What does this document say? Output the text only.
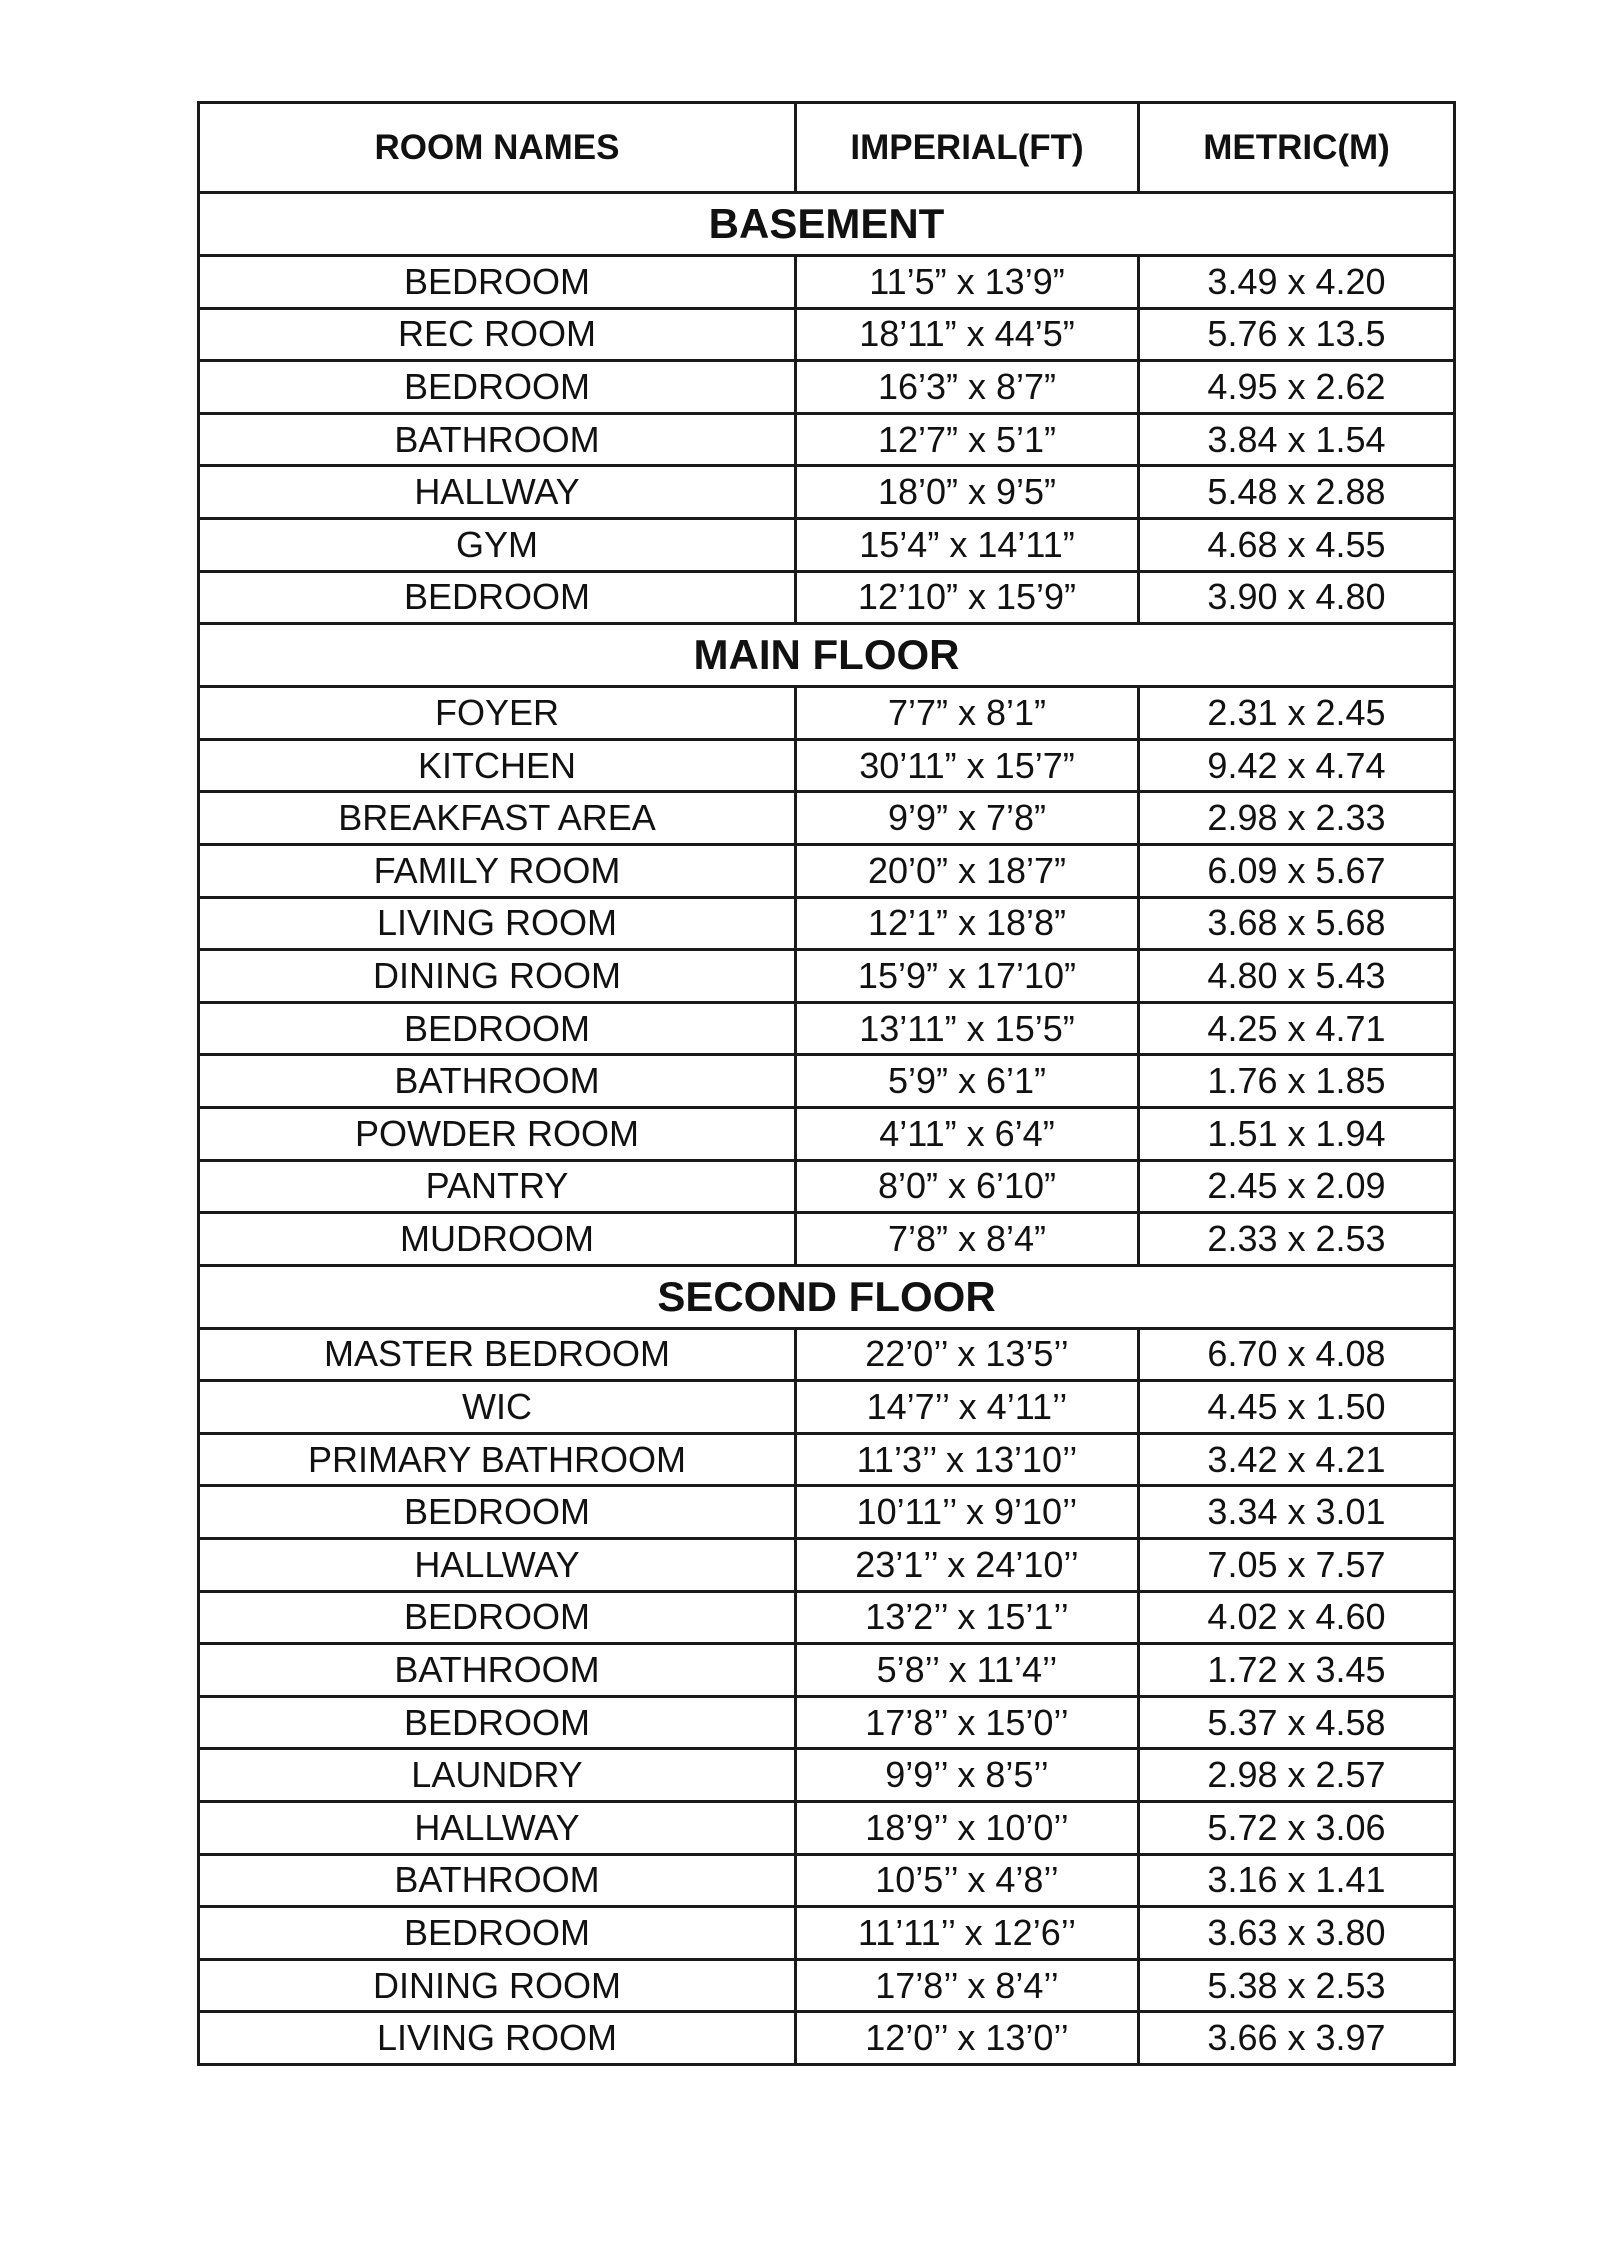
ROOM NAMES	IMPERIAL(FT)	METRIC(M)
BASEMENT		
BEDROOM	11’5” x 13’9”	3.49 x 4.20
REC ROOM	18’11” x 44’5”	5.76 x 13.5
BEDROOM	16’3” x 8’7”	4.95 x 2.62
BATHROOM	12’7” x 5’1”	3.84 x 1.54
HALLWAY	18’0” x 9’5”	5.48 x 2.88
GYM	15’4” x 14’11”	4.68 x 4.55
BEDROOM	12’10” x 15’9”	3.90 x 4.80
MAIN FLOOR		
FOYER	7’7” x 8’1”	2.31 x 2.45
KITCHEN	30’11” x 15’7”	9.42 x 4.74
BREAKFAST AREA	9’9” x 7’8”	2.98 x 2.33
FAMILY ROOM	20’0” x 18’7”	6.09 x 5.67
LIVING ROOM	12’1” x 18’8”	3.68 x 5.68
DINING ROOM	15’9” x 17’10”	4.80 x 5.43
BEDROOM	13’11” x 15’5”	4.25 x 4.71
BATHROOM	5’9” x 6’1”	1.76 x 1.85
POWDER ROOM	4’11” x 6’4”	1.51 x 1.94
PANTRY	8’0” x 6’10”	2.45 x 2.09
MUDROOM	7’8” x 8’4”	2.33 x 2.53
SECOND FLOOR		
MASTER BEDROOM	22’0’’ x 13’5’’	6.70 x 4.08
WIC	14’7’’ x 4’11’’	4.45 x 1.50
PRIMARY BATHROOM	11’3’’ x 13’10’’	3.42 x 4.21
BEDROOM	10’11’’ x 9’10’’	3.34 x 3.01
HALLWAY	23’1’’ x 24’10’’	7.05 x 7.57
BEDROOM	13’2’’ x 15’1’’	4.02 x 4.60
BATHROOM	5’8’’ x 11’4’’	1.72 x 3.45
BEDROOM	17’8’’ x 15’0’’	5.37 x 4.58
LAUNDRY	9’9’’ x 8’5’’	2.98 x 2.57
HALLWAY	18’9’’ x 10’0’’	5.72 x 3.06
BATHROOM	10’5’’ x 4’8’’	3.16 x 1.41
BEDROOM	11’11’’ x 12’6’’	3.63 x 3.80
DINING ROOM	17’8’’ x 8’4’’	5.38 x 2.53
LIVING ROOM	12’0’’ x 13’0’’	3.66 x 3.97
